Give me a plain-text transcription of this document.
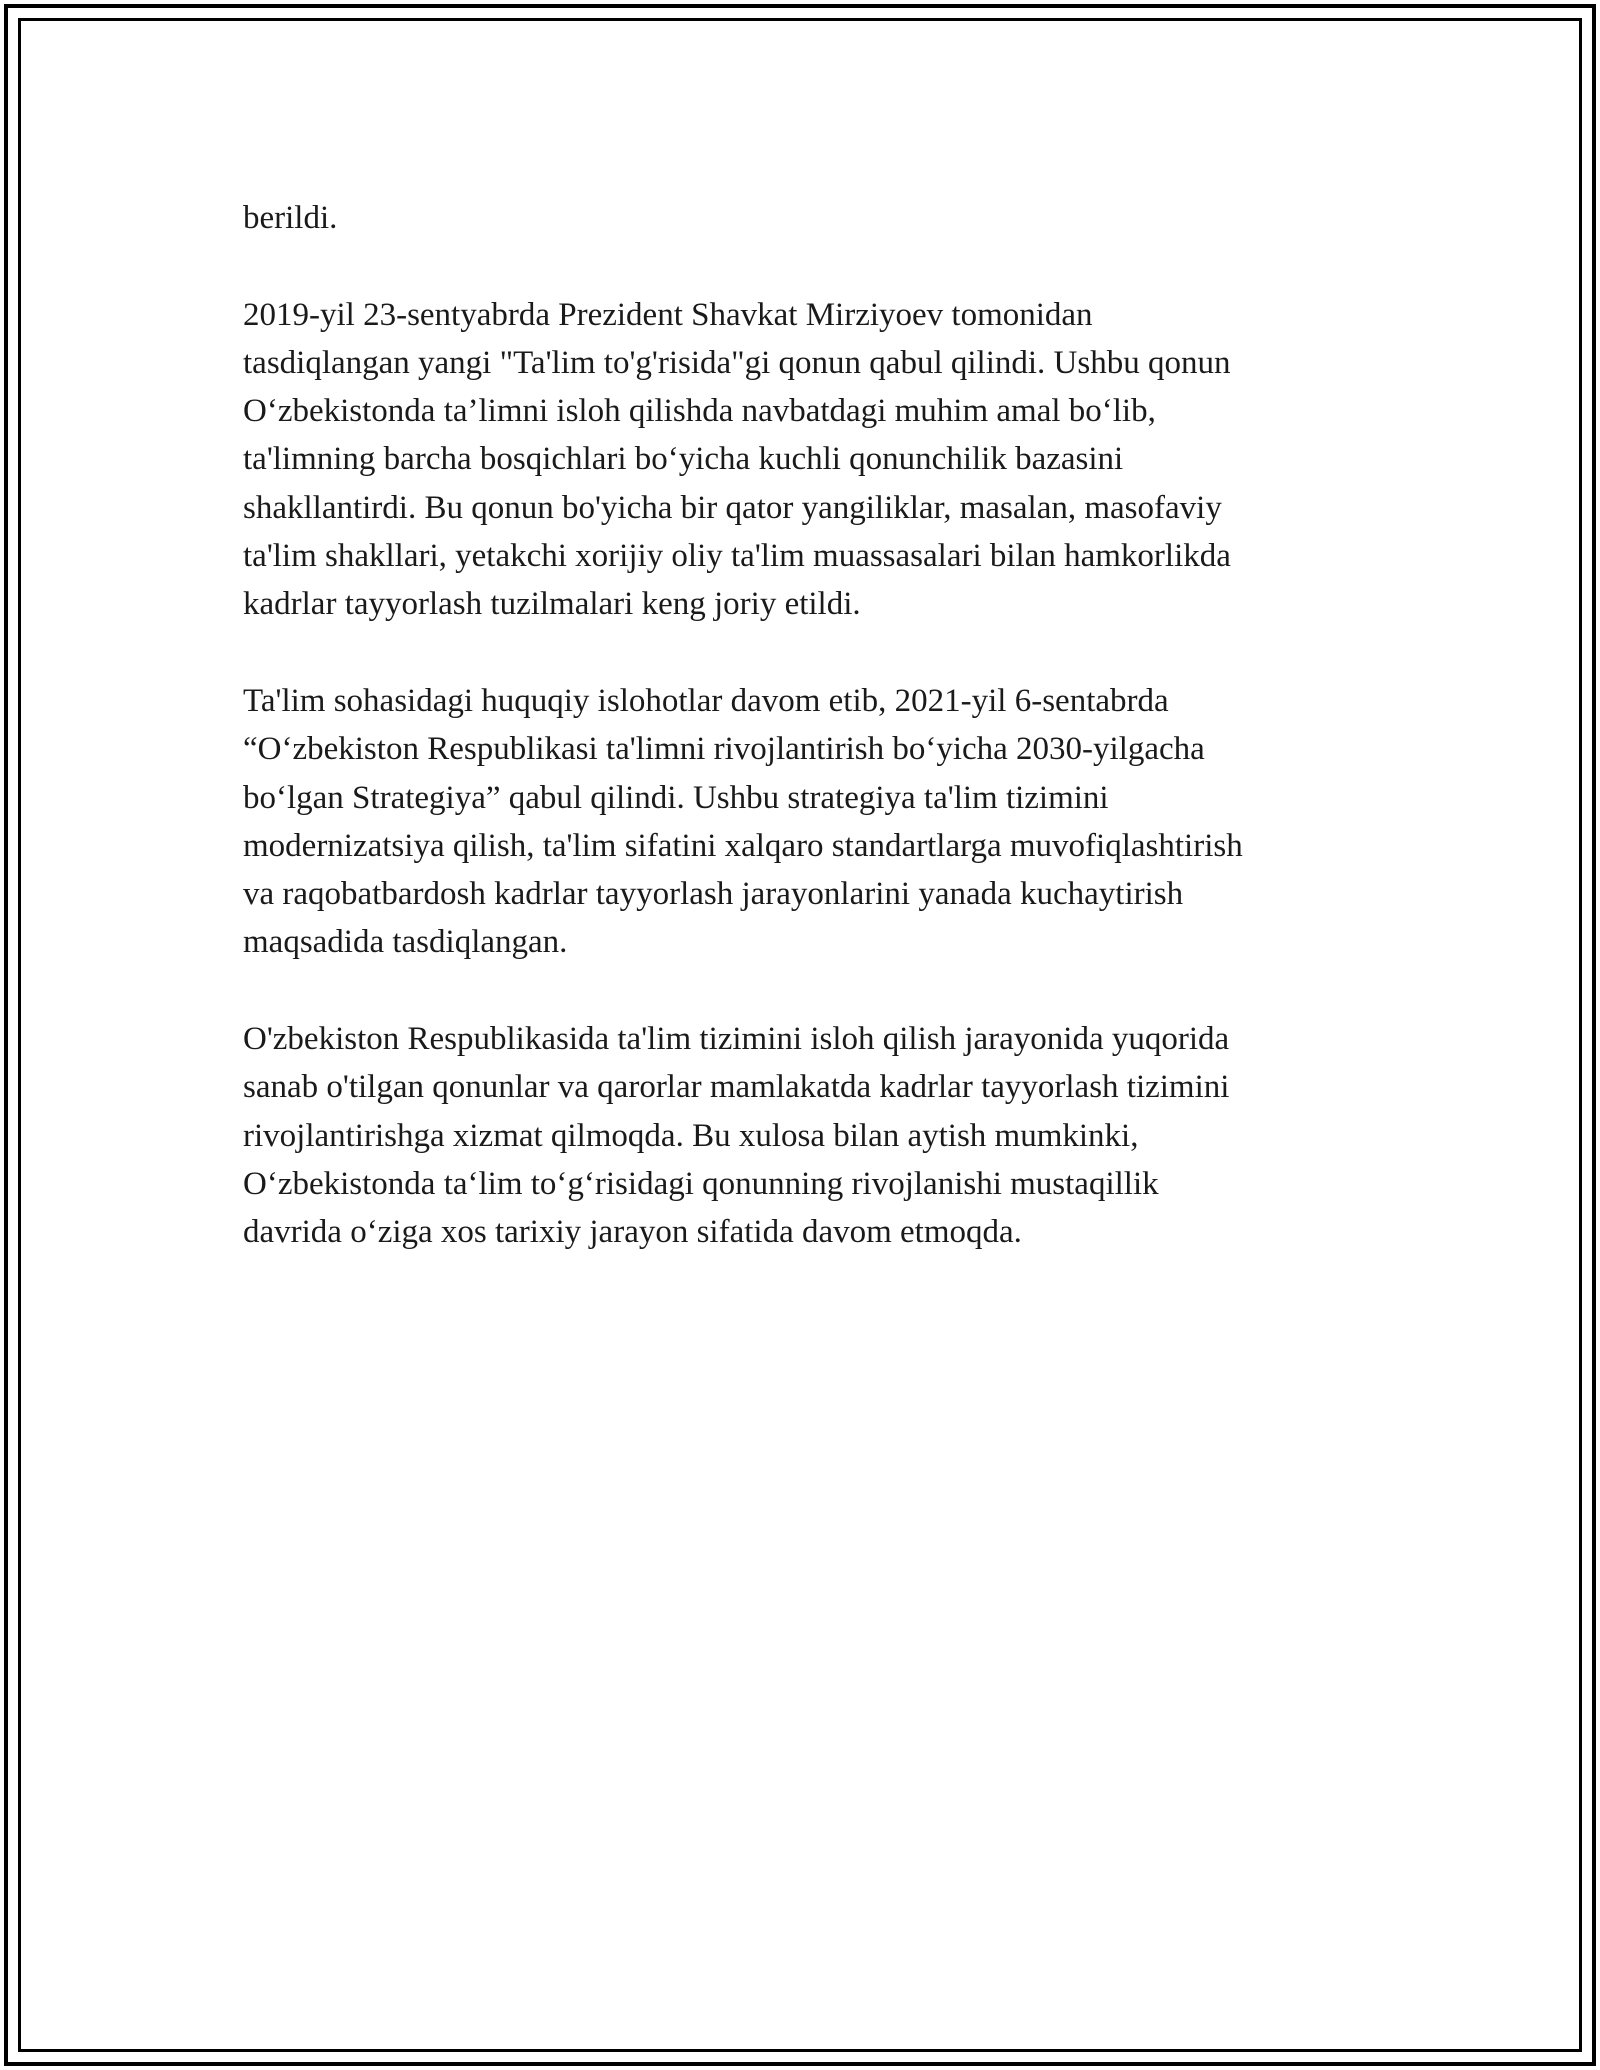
berildi.

2019-yil 23-sentyabrda Prezident Shavkat Mirziyoev tomonidan
tasdiqlangan yangi "Ta'lim to'g'risida"gi qonun qabul qilindi. Ushbu qonun
O‘zbekistonda ta’limni isloh qilishda navbatdagi muhim amal bo‘lib,
ta'limning barcha bosqichlari bo‘yicha kuchli qonunchilik bazasini
shakllantirdi. Bu qonun bo'yicha bir qator yangiliklar, masalan, masofaviy
ta'lim shakllari, yetakchi xorijiy oliy ta'lim muassasalari bilan hamkorlikda
kadrlar tayyorlash tuzilmalari keng joriy etildi.

Ta'lim sohasidagi huquqiy islohotlar davom etib, 2021-yil 6-sentabrda
“O‘zbekiston Respublikasi ta'limni rivojlantirish bo‘yicha 2030-yilgacha
bo‘lgan Strategiya” qabul qilindi. Ushbu strategiya ta'lim tizimini
modernizatsiya qilish, ta'lim sifatini xalqaro standartlarga muvofiqlashtirish
va raqobatbardosh kadrlar tayyorlash jarayonlarini yanada kuchaytirish
maqsadida tasdiqlangan.

O'zbekiston Respublikasida ta'lim tizimini isloh qilish jarayonida yuqorida
sanab o'tilgan qonunlar va qarorlar mamlakatda kadrlar tayyorlash tizimini
rivojlantirishga xizmat qilmoqda. Bu xulosa bilan aytish mumkinki,
O‘zbekistonda ta‘lim to‘g‘risidagi qonunning rivojlanishi mustaqillik
davrida o‘ziga xos tarixiy jarayon sifatida davom etmoqda.
